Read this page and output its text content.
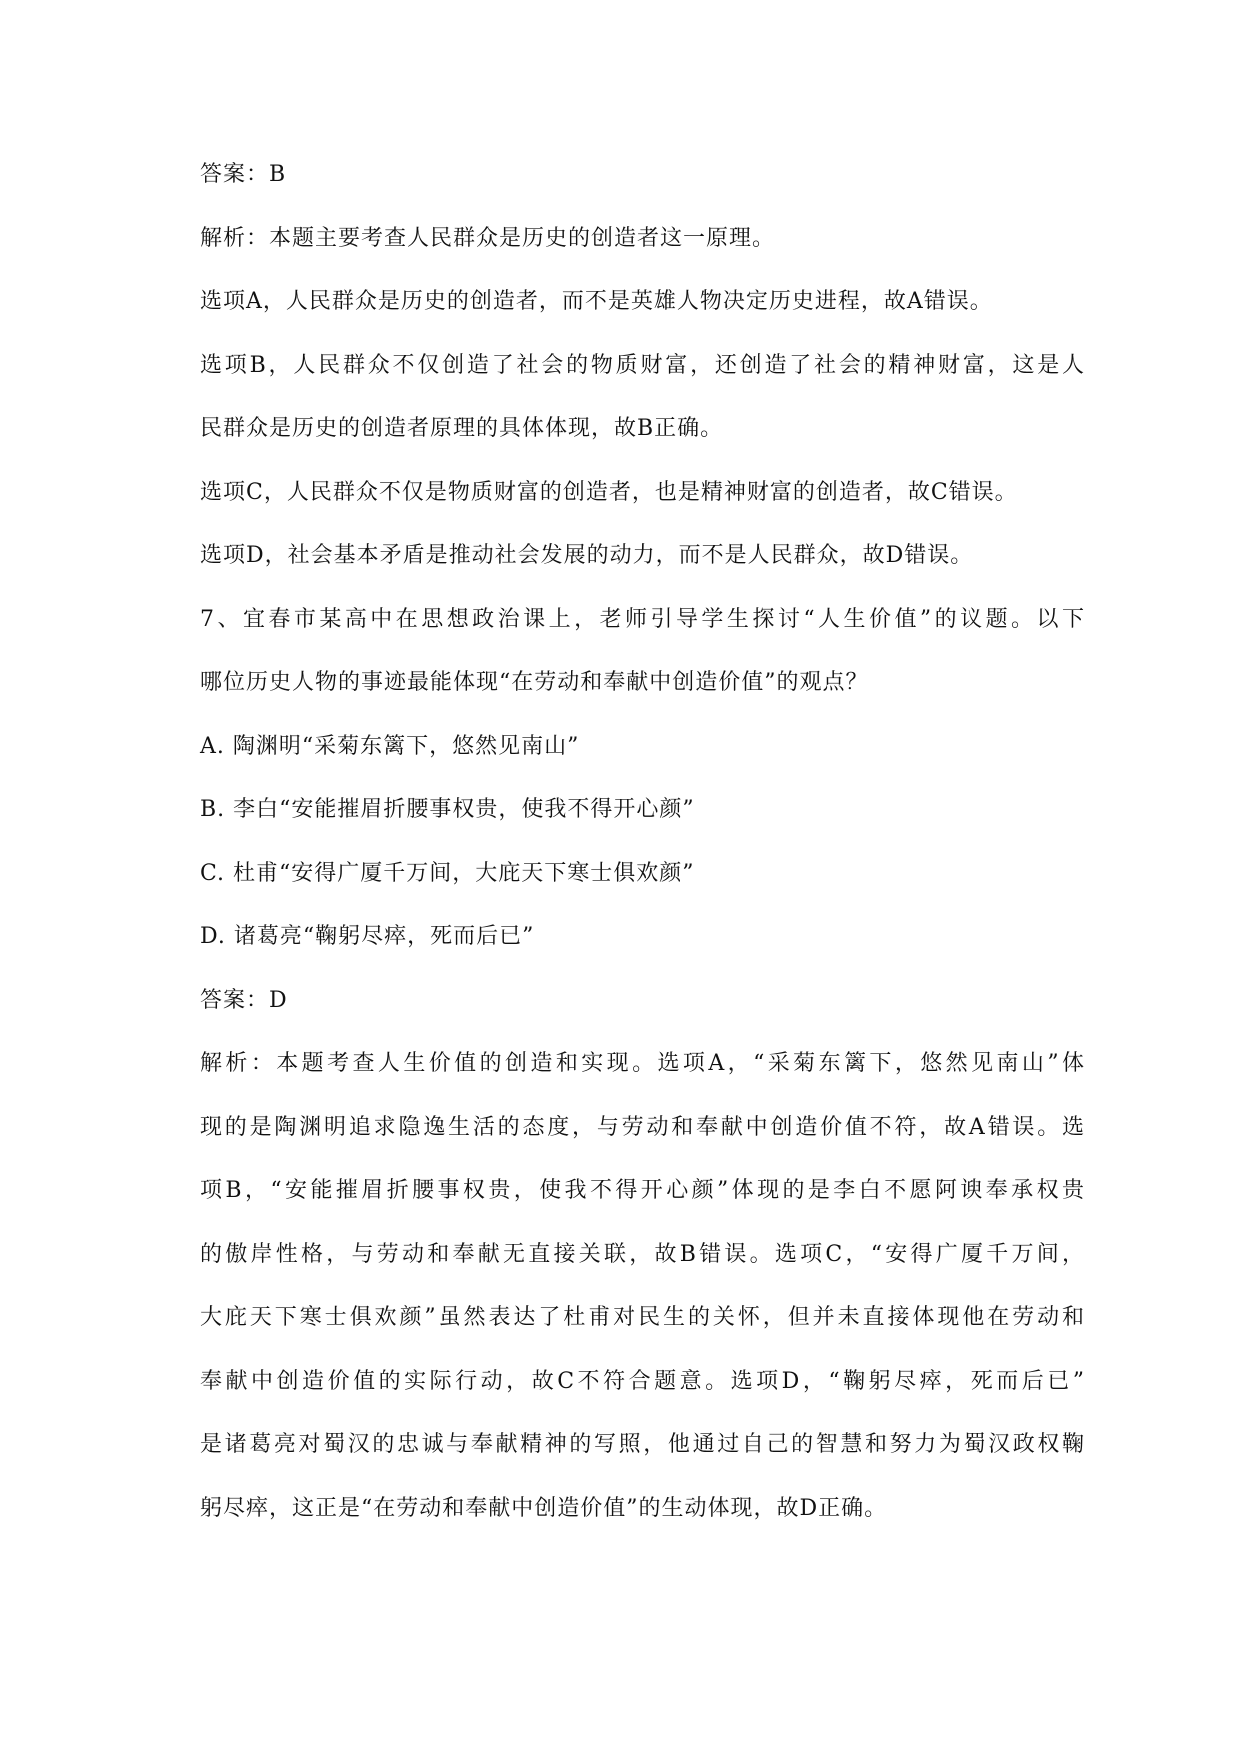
答案：B

解析：本题主要考查人民群众是历史的创造者这一原理。

选项A，人民群众是历史的创造者，而不是英雄人物决定历史进程，故A错误。

选项B，人民群众不仅创造了社会的物质财富，还创造了社会的精神财富，这是人

民群众是历史的创造者原理的具体体现，故B正确。

选项C，人民群众不仅是物质财富的创造者，也是精神财富的创造者，故C错误。

选项D，社会基本矛盾是推动社会发展的动力，而不是人民群众，故D错误。

7、宜春市某高中在思想政治课上，老师引导学生探讨“人生价值”的议题。以下

哪位历史人物的事迹最能体现“在劳动和奉献中创造价值”的观点？

A. 陶渊明“采菊东篱下，悠然见南山”

B. 李白“安能摧眉折腰事权贵，使我不得开心颜”

C. 杜甫“安得广厦千万间，大庇天下寒士俱欢颜”

D. 诸葛亮“鞠躬尽瘁，死而后已”

答案：D

解析：本题考查人生价值的创造和实现。选项A，“采菊东篱下，悠然见南山”体

现的是陶渊明追求隐逸生活的态度，与劳动和奉献中创造价值不符，故A错误。选

项B，“安能摧眉折腰事权贵，使我不得开心颜”体现的是李白不愿阿谀奉承权贵

的傲岸性格，与劳动和奉献无直接关联，故B错误。选项C，“安得广厦千万间，

大庇天下寒士俱欢颜”虽然表达了杜甫对民生的关怀，但并未直接体现他在劳动和

奉献中创造价值的实际行动，故C不符合题意。选项D，“鞠躬尽瘁，死而后已”

是诸葛亮对蜀汉的忠诚与奉献精神的写照，他通过自己的智慧和努力为蜀汉政权鞠

躬尽瘁，这正是“在劳动和奉献中创造价值”的生动体现，故D正确。
